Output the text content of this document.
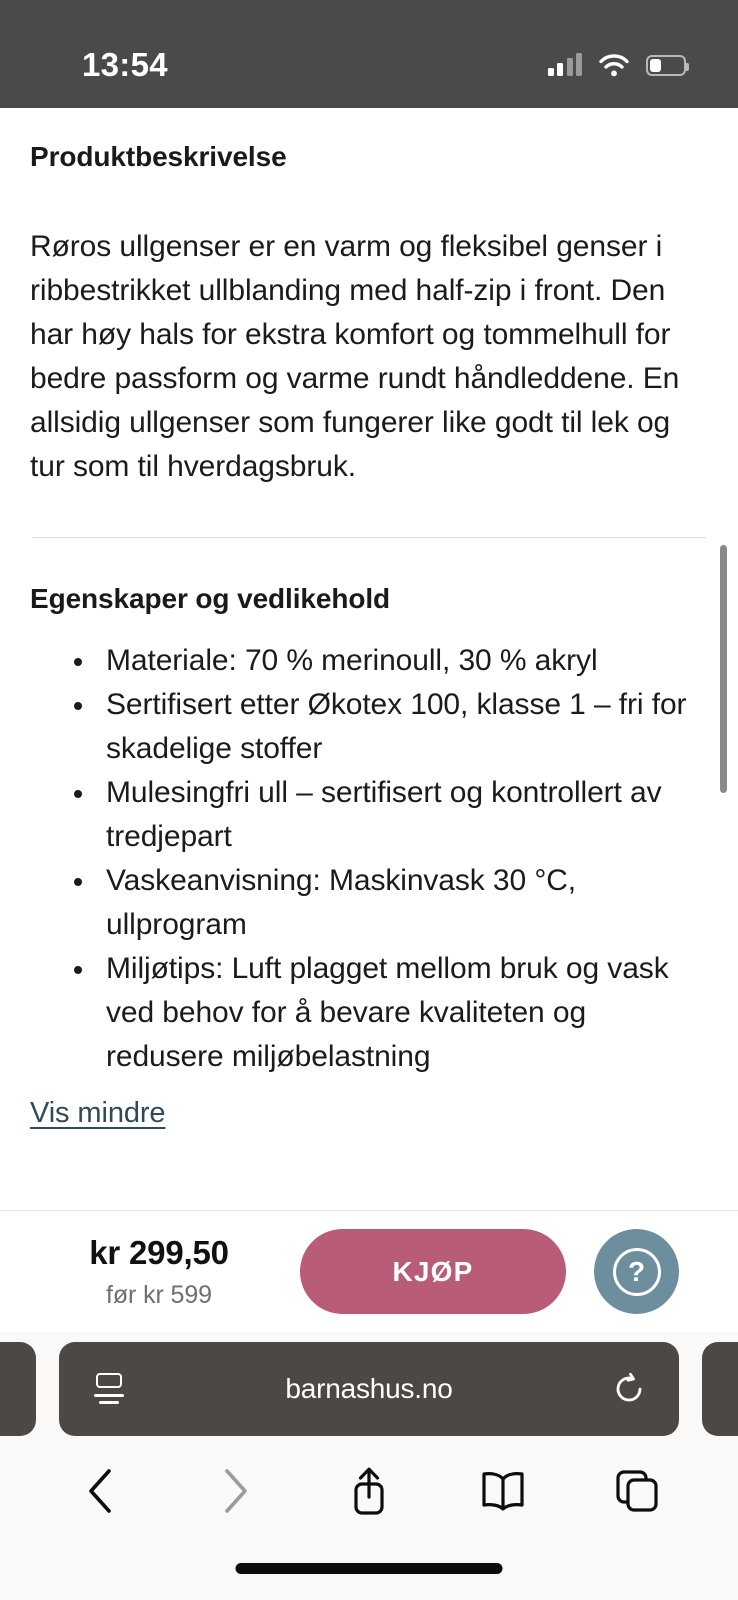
13:54
Produktbeskrivelse

Røros ullgenser er en varm og fleksibel genser i ribbestrikket ullblanding med half-zip i front. Den har høy hals for ekstra komfort og tommelhull for bedre passform og varme rundt håndleddene. En allsidig ullgenser som fungerer like godt til lek og tur som til hverdagsbruk.

Egenskaper og vedlikehold
Materiale: 70 % merinoull, 30 % akryl
Sertifisert etter Økotex 100, klasse 1 – fri for skadelige stoffer
Mulesingfri ull – sertifisert og kontrollert av tredjepart
Vaskeanvisning: Maskinvask 30 °C, ullprogram
Miljøtips: Luft plagget mellom bruk og vask ved behov for å bevare kvaliteten og redusere miljøbelastning
Vis mindre
kr 299,50
før kr 599
KJØP	?
barnashus.no
